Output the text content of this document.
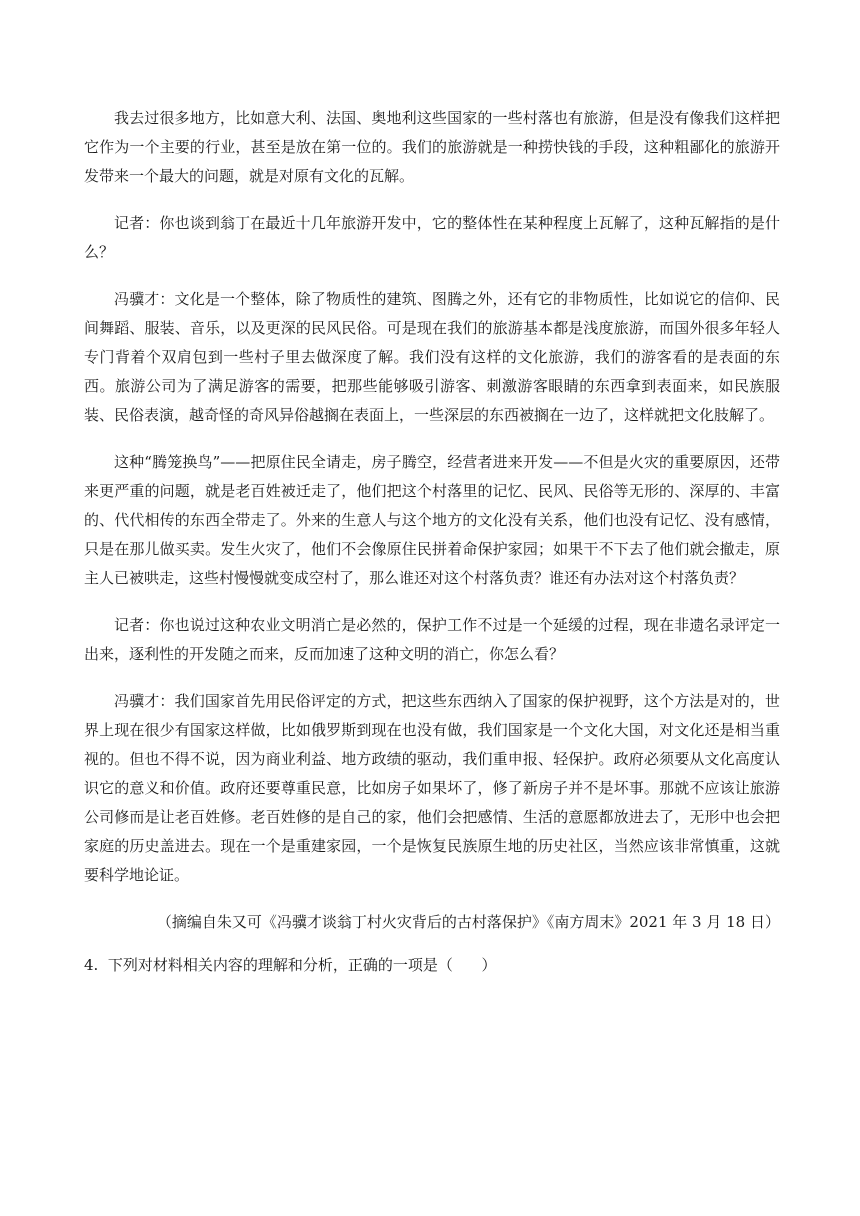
我去过很多地方，比如意大利、法国、奥地利这些国家的一些村落也有旅游，但是没有像我们这样把它作为一个主要的行业，甚至是放在第一位的。我们的旅游就是一种捞快钱的手段，这种粗鄙化的旅游开发带来一个最大的问题，就是对原有文化的瓦解。

记者：你也谈到翁丁在最近十几年旅游开发中，它的整体性在某种程度上瓦解了，这种瓦解指的是什么？

冯骥才：文化是一个整体，除了物质性的建筑、图腾之外，还有它的非物质性，比如说它的信仰、民间舞蹈、服装、音乐，以及更深的民风民俗。可是现在我们的旅游基本都是浅度旅游，而国外很多年轻人专门背着个双肩包到一些村子里去做深度了解。我们没有这样的文化旅游，我们的游客看的是表面的东西。旅游公司为了满足游客的需要，把那些能够吸引游客、刺激游客眼睛的东西拿到表面来，如民族服装、民俗表演，越奇怪的奇风异俗越搁在表面上，一些深层的东西被搁在一边了，这样就把文化肢解了。

这种“腾笼换鸟”——把原住民全请走，房子腾空，经营者进来开发——不但是火灾的重要原因，还带来更严重的问题，就是老百姓被迁走了，他们把这个村落里的记忆、民风、民俗等无形的、深厚的、丰富的、代代相传的东西全带走了。外来的生意人与这个地方的文化没有关系，他们也没有记忆、没有感情，只是在那儿做买卖。发生火灾了，他们不会像原住民拼着命保护家园；如果干不下去了他们就会撤走，原主人已被哄走，这些村慢慢就变成空村了，那么谁还对这个村落负责？谁还有办法对这个村落负责？

记者：你也说过这种农业文明消亡是必然的，保护工作不过是一个延缓的过程，现在非遗名录评定一出来，逐利性的开发随之而来，反而加速了这种文明的消亡，你怎么看？

冯骥才：我们国家首先用民俗评定的方式，把这些东西纳入了国家的保护视野，这个方法是对的，世界上现在很少有国家这样做，比如俄罗斯到现在也没有做，我们国家是一个文化大国，对文化还是相当重视的。但也不得不说，因为商业利益、地方政绩的驱动，我们重申报、轻保护。政府必须要从文化高度认识它的意义和价值。政府还要尊重民意，比如房子如果坏了，修了新房子并不是坏事。那就不应该让旅游公司修而是让老百姓修。老百姓修的是自己的家，他们会把感情、生活的意愿都放进去了，无形中也会把家庭的历史盖进去。现在一个是重建家园，一个是恢复民族原生地的历史社区，当然应该非常慎重，这就要科学地论证。

（摘编自朱又可《冯骥才谈翁丁村火灾背后的古村落保护》《南方周末》2021 年 3 月 18 日）

4.  下列对材料相关内容的理解和分析，正确的一项是（      ）
